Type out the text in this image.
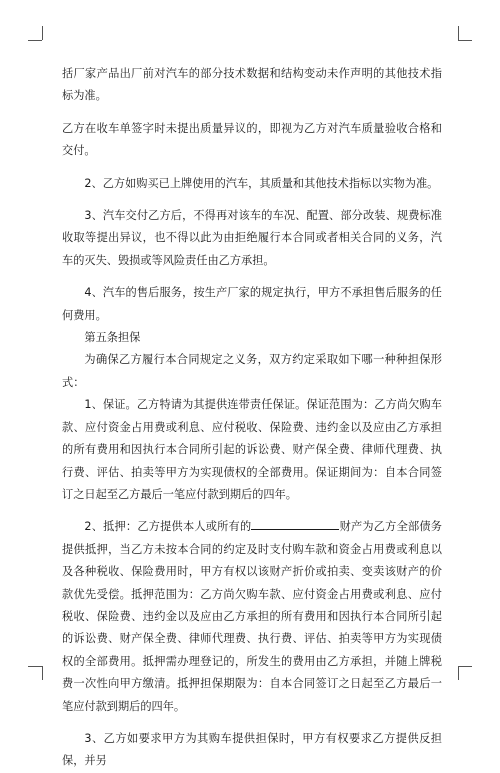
括厂家产品出厂前对汽车的部分技术数据和结构变动未作声明的其他技术指标为准。

乙方在收车单签字时未提出质量异议的，即视为乙方对汽车质量验收合格和交付。

2、乙方如购买已上牌使用的汽车，其质量和其他技术指标以实物为准。

3、汽车交付乙方后，不得再对该车的车况、配置、部分改装、规费标准收取等提出异议，也不得以此为由拒绝履行本合同或者相关合同的义务，汽车的灭失、毁损或等风险责任由乙方承担。

4、汽车的售后服务，按生产厂家的规定执行，甲方不承担售后服务的任何费用。

第五条担保

为确保乙方履行本合同规定之义务，双方约定采取如下哪一种种担保形式：

1、保证。乙方特请为其提供连带责任保证。保证范围为：乙方尚欠购车款、应付资金占用费或利息、应付税收、保险费、违约金以及应由乙方承担的所有费用和因执行本合同所引起的诉讼费、财产保全费、律师代理费、执行费、评估、拍卖等甲方为实现债权的全部费用。保证期间为：自本合同签订之日起至乙方最后一笔应付款到期后的四年。

2、抵押：乙方提供本人或所有的	财产为乙方全部债务提供抵押，当乙方未按本合同的约定及时支付购车款和资金占用费或利息以及各种税收、保险费用时，甲方有权以该财产折价或拍卖、变卖该财产的价款优先受偿。抵押范围为：乙方尚欠购车款、应付资金占用费或利息、应付税收、保险费、违约金以及应由乙方承担的所有费用和因执行本合同所引起的诉讼费、财产保全费、律师代理费、执行费、评估、拍卖等甲方为实现债权的全部费用。抵押需办理登记的，所发生的费用由乙方承担，并随上牌税费一次性向甲方缴清。抵押担保期限为：自本合同签订之日起至乙方最后一笔应付款到期后的四年。

3、乙方如要求甲方为其购车提供担保时，甲方有权要求乙方提供反担保，并另
